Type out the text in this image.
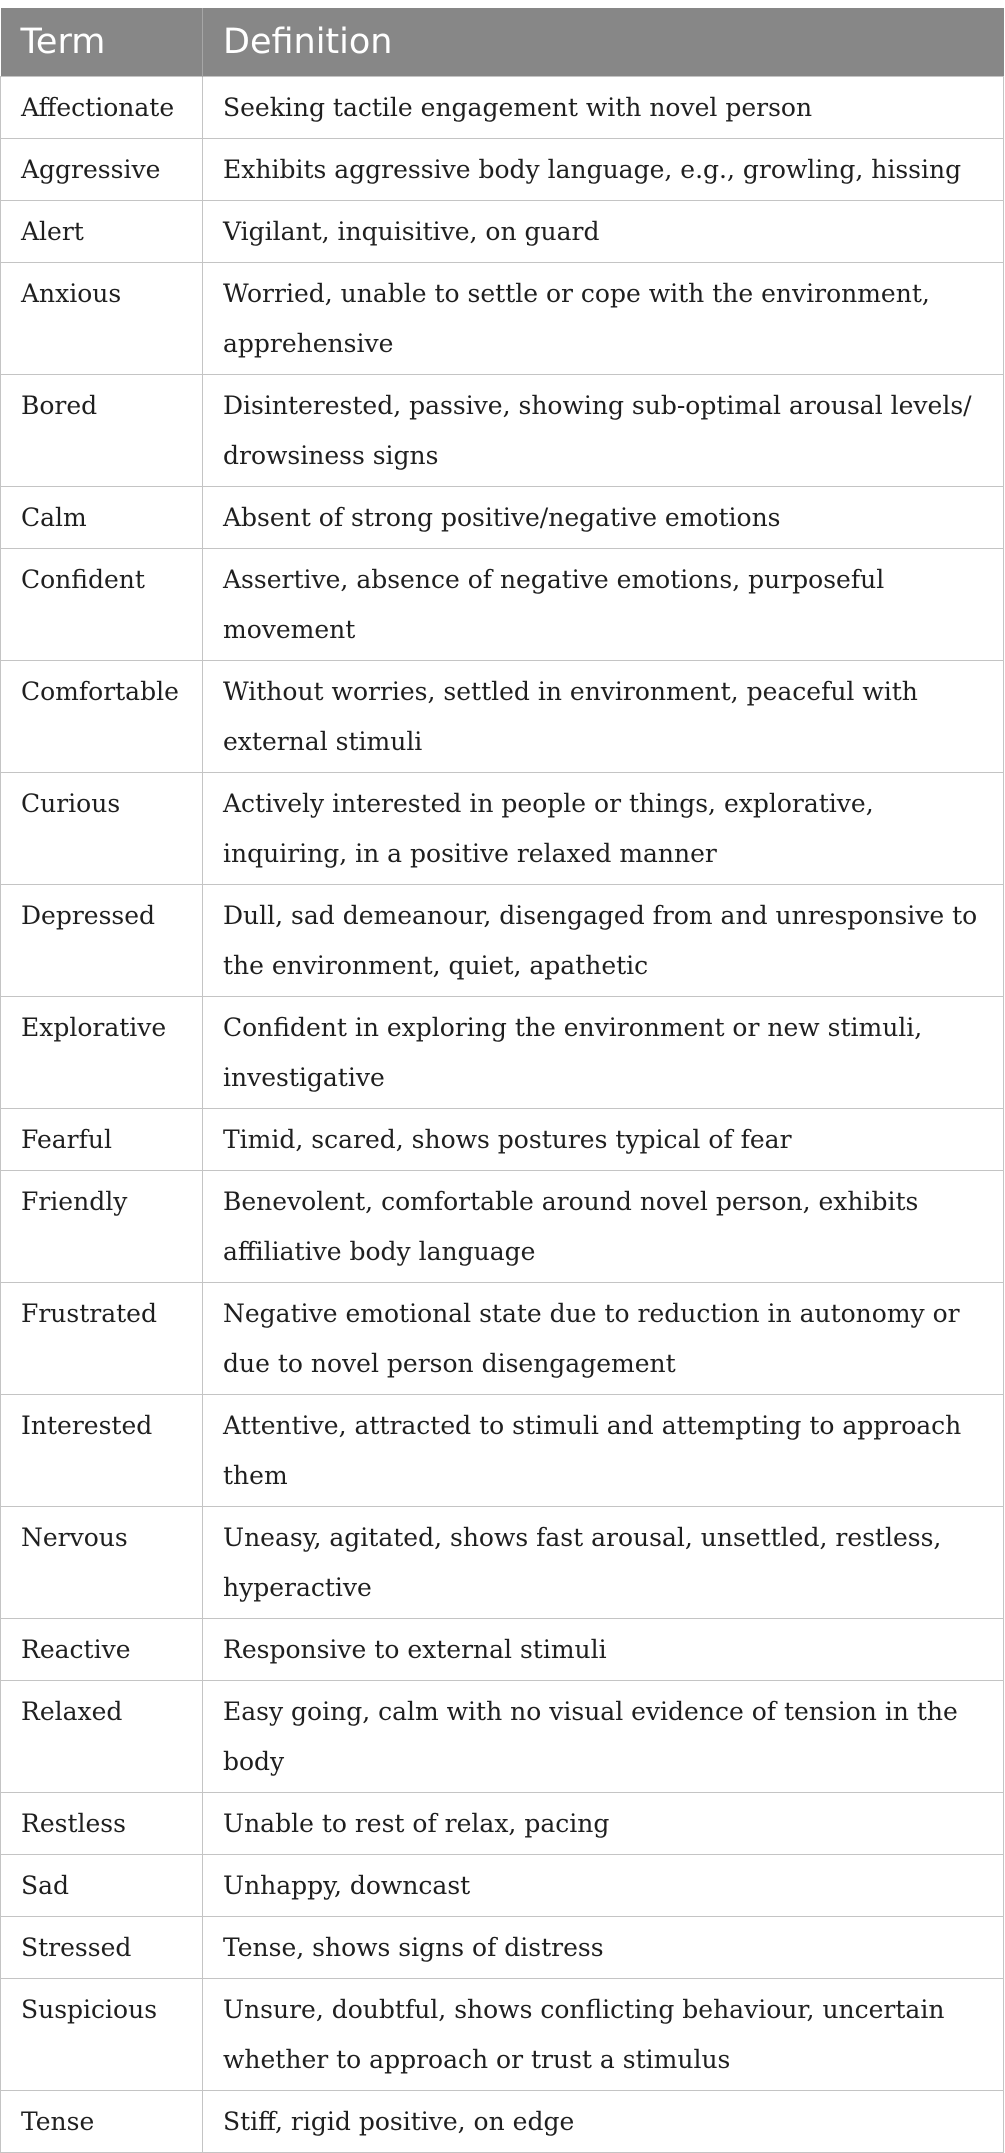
Term	Definition
Affectionate	Seeking tactile engagement with novel person
Aggressive	Exhibits aggressive body language, e.g., growling, hissing
Alert	Vigilant, inquisitive, on guard
Anxious	Worried, unable to settle or cope with the environment, apprehensive
Bored	Disinterested, passive, showing sub-optimal arousal levels/ drowsiness signs
Calm	Absent of strong positive/negative emotions
Confident	Assertive, absence of negative emotions, purposeful movement
Comfortable	Without worries, settled in environment, peaceful with external stimuli
Curious	Actively interested in people or things, explorative, inquiring, in a positive relaxed manner
Depressed	Dull, sad demeanour, disengaged from and unresponsive to the environment, quiet, apathetic
Explorative	Confident in exploring the environment or new stimuli, investigative
Fearful	Timid, scared, shows postures typical of fear
Friendly	Benevolent, comfortable around novel person, exhibits affiliative body language
Frustrated	Negative emotional state due to reduction in autonomy or due to novel person disengagement
Interested	Attentive, attracted to stimuli and attempting to approach them
Nervous	Uneasy, agitated, shows fast arousal, unsettled, restless, hyperactive
Reactive	Responsive to external stimuli
Relaxed	Easy going, calm with no visual evidence of tension in the body
Restless	Unable to rest of relax, pacing
Sad	Unhappy, downcast
Stressed	Tense, shows signs of distress
Suspicious	Unsure, doubtful, shows conflicting behaviour, uncertain whether to approach or trust a stimulus
Tense	Stiff, rigid positive, on edge
